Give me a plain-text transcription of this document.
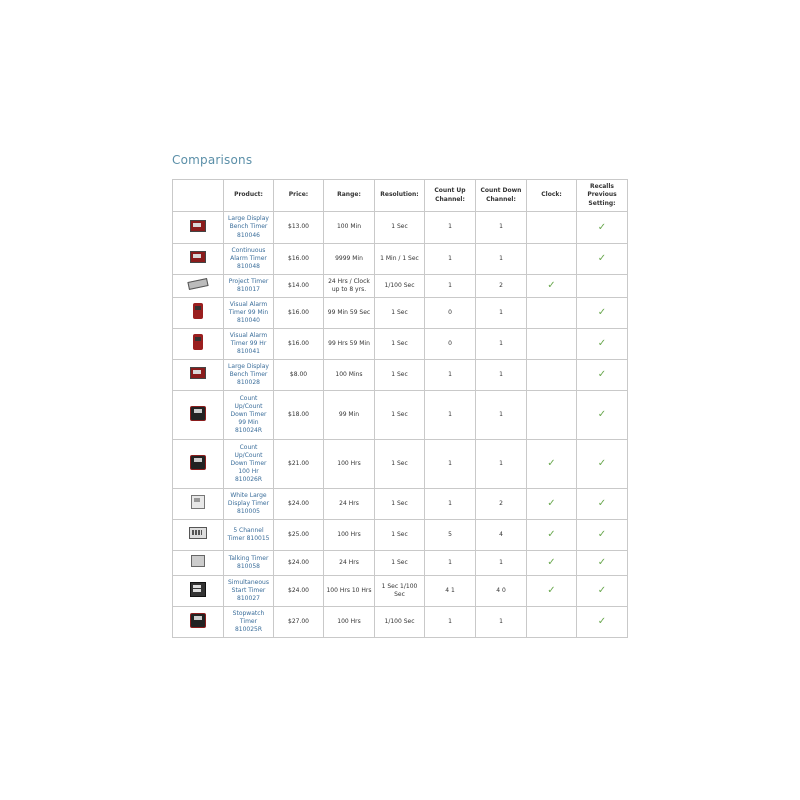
Comparisons
	Product:	Price:	Range:	Resolution:	Count Up Channel:	Count Down Channel:	Clock:	Recalls Previous Setting:
	Large Display Bench Timer 810046	$13.00	100 Min	1 Sec	1	1		✓
	Continuous Alarm Timer 810048	$16.00	9999 Min	1 Min / 1 Sec	1	1		✓
	Project Timer 810017	$14.00	24 Hrs / Clock up to 8 yrs.	1/100 Sec	1	2	✓	
	Visual Alarm Timer 99 Min 810040	$16.00	99 Min 59 Sec	1 Sec	0	1		✓
	Visual Alarm Timer 99 Hr 810041	$16.00	99 Hrs 59 Min	1 Sec	0	1		✓
	Large Display Bench Timer 810028	$8.00	100 Mins	1 Sec	1	1		✓
	Count Up/Count Down Timer 99 Min 810024R	$18.00	99 Min	1 Sec	1	1		✓
	Count Up/Count Down Timer 100 Hr 810026R	$21.00	100 Hrs	1 Sec	1	1	✓	✓
	White Large Display Timer 810005	$24.00	24 Hrs	1 Sec	1	2	✓	✓
	5 Channel Timer 810015	$25.00	100 Hrs	1 Sec	5	4	✓	✓
	Talking Timer 810058	$24.00	24 Hrs	1 Sec	1	1	✓	✓
	Simultaneous Start Timer 810027	$24.00	100 Hrs 10 Hrs	1 Sec 1/100 Sec	4 1	4 0	✓	✓
	Stopwatch Timer 810025R	$27.00	100 Hrs	1/100 Sec	1	1		✓
